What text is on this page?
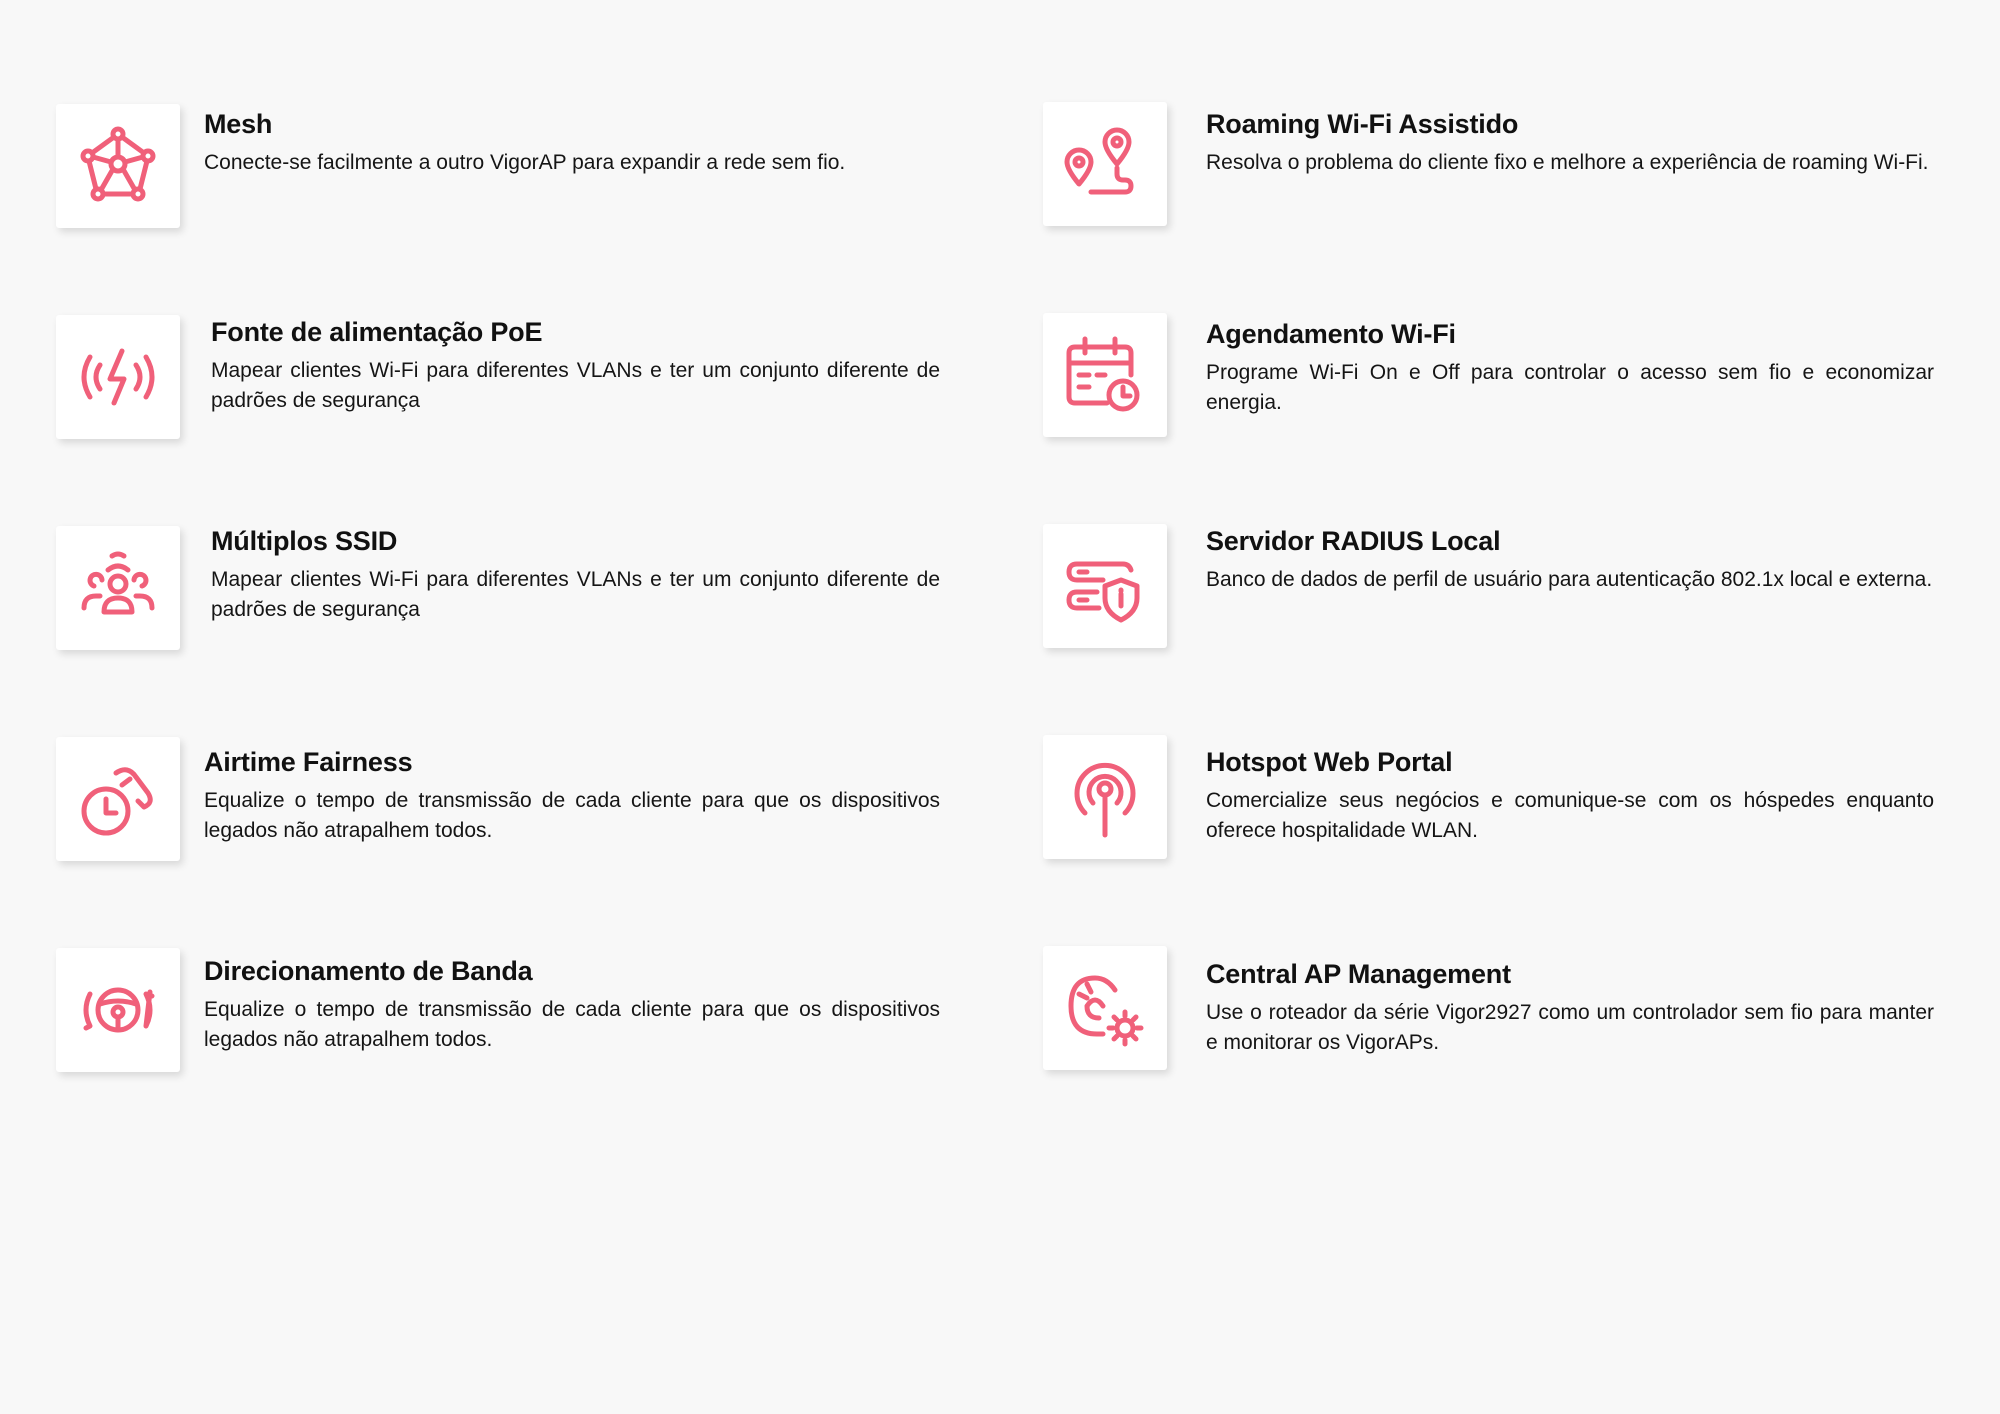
Mesh

Conecte-se facilmente a outro VigorAP para expandir a rede sem fio.

Roaming Wi-Fi Assistido

Resolva o problema do cliente fixo e melhore a experiência de roaming Wi-Fi.

Fonte de alimentação PoE

Mapear clientes Wi-Fi para diferentes VLANs e ter um conjunto diferente de padrões de segurança

Agendamento Wi-Fi

Programe Wi-Fi On e Off para controlar o acesso sem fio e economizar energia.

Múltiplos SSID

Mapear clientes Wi-Fi para diferentes VLANs e ter um conjunto diferente de padrões de segurança

Servidor RADIUS Local

Banco de dados de perfil de usuário para autenticação 802.1x local e externa.

Airtime Fairness

Equalize o tempo de transmissão de cada cliente para que os dispositivos legados não atrapalhem todos.

Hotspot Web Portal

Comercialize seus negócios e comunique-se com os hóspedes enquanto oferece hospitalidade WLAN.

Direcionamento de Banda

Equalize o tempo de transmissão de cada cliente para que os dispositivos legados não atrapalhem todos.

Central AP Management

Use o roteador da série Vigor2927 como um controlador sem fio para manter e monitorar os VigorAPs.
